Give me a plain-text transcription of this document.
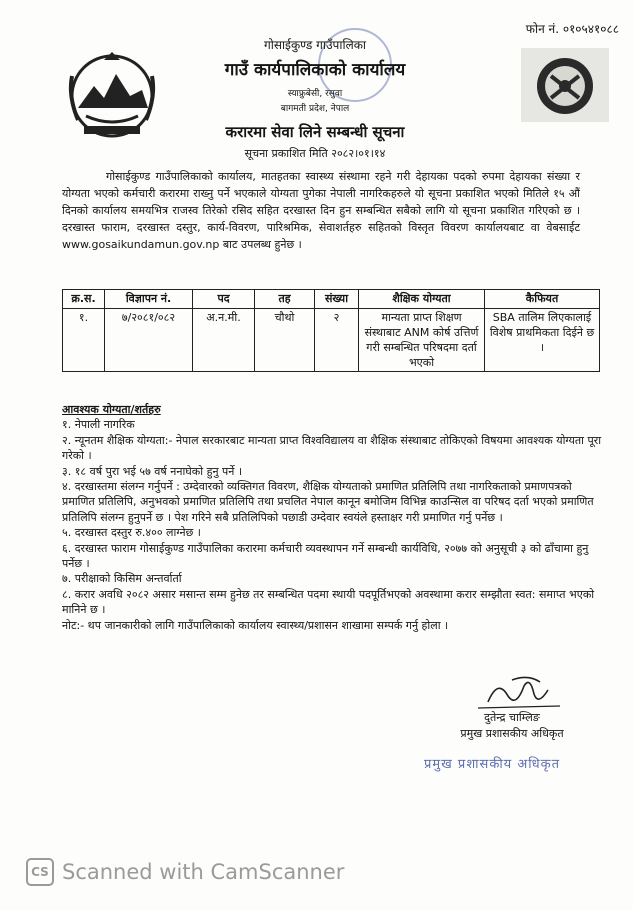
फोन नं. ०१०५४१०८८
गोसाईकुण्ड गाउँपालिका
गाउँ कार्यपालिकाको कार्यालय
स्याफ्रुबेसी, रसुवा
बागमती प्रदेश, नेपाल
करारमा सेवा लिने सम्बन्धी सूचना
सूचना प्रकाशित मिति २०८२।०१।१४
गोसाईकुण्ड गाउँपालिकाको कार्यालय, मातहतका स्वास्थ्य संस्थामा रहने गरी देहायका पदको रुपमा देहायका संख्या र योग्यता भएको कर्मचारी करारमा राख्नु पर्ने भएकाले योग्यता पुगेका नेपाली नागरिकहरुले यो सूचना प्रकाशित भएको मितिले १५ औं दिनको कार्यालय समयभित्र राजस्व तिरेको रसिद सहित दरखास्त दिन हुन सम्बन्धित सबैको लागि यो सूचना प्रकाशित गरिएको छ । दरखास्त फाराम, दरखास्त दस्तुर, कार्य-विवरण, पारिश्रमिक, सेवाशर्तहरु सहितको विस्तृत विवरण कार्यालयबाट वा वेबसाईट www.gosaikundamun.gov.np बाट उपलब्ध हुनेछ ।
क्र.स.	विज्ञापन नं.	पद	तह	संख्या	शैक्षिक योग्यता	कैफियत
१.	७/२०८१/०८२	अ.न.मी.	चौथो	२	मान्यता प्राप्त शिक्षण संस्थाबाट ANM कोर्ष उत्तिर्ण गरी सम्बन्धित परिषदमा दर्ता भएको	SBA तालिम लिएकालाई विशेष प्राथमिकता दिईने छ ।

आवश्यक योग्यता/शर्तहरु

१. नेपाली नागरिक

२. न्यूनतम शैक्षिक योग्यता:- नेपाल सरकारबाट मान्यता प्राप्त विश्वविद्यालय वा शैक्षिक संस्थाबाट तोकिएको विषयमा आवश्यक योग्यता पूरा गरेको ।

३. १८ वर्ष पुरा भई ५७ वर्ष ननाघेको हुनु पर्ने ।

४. दरखास्तमा संलग्न गर्नुपर्ने : उम्देवारको व्यक्तिगत विवरण, शैक्षिक योग्यताको प्रमाणित प्रतिलिपि तथा नागरिकताको प्रमाणपत्रको प्रमाणित प्रतिलिपि, अनुभवको प्रमाणित प्रतिलिपि तथा प्रचलित नेपाल कानून बमोजिम विभिन्न काउन्सिल वा परिषद दर्ता भएको प्रमाणित प्रतिलिपि संलग्न हुनुपर्ने छ । पेश गरिने सबै प्रतिलिपिको पछाडी उम्देवार स्वयंले हस्ताक्षर गरी प्रमाणित गर्नु पर्नेछ ।

५. दरखास्त दस्तुर रु.४०० लाग्नेछ ।

६. दरखास्त फाराम गोसाईकुण्ड गाउँपालिका करारमा कर्मचारी व्यवस्थापन गर्ने सम्बन्धी कार्यविधि, २०७७ को अनुसूची ३ को ढाँचामा हुनु पर्नेछ ।

७. परीक्षाको किसिम अन्तर्वार्ता

८. करार अवधि २०८२ असार मसान्त सम्म हुनेछ तर सम्बन्धित पदमा स्थायी पदपूर्तिभएको अवस्थामा करार सम्झौता स्वत: समाप्त भएको मानिने छ ।

नोट:- थप जानकारीको लागि गाउँपालिकाको कार्यालय स्वास्थ्य/प्रशासन शाखामा सम्पर्क गर्नु होला ।

दुतेन्द्र चाम्लिङ
प्रमुख प्रशासकीय अधिकृत
प्रमुख प्रशासकीय अधिकृत
CS Scanned with CamScanner
